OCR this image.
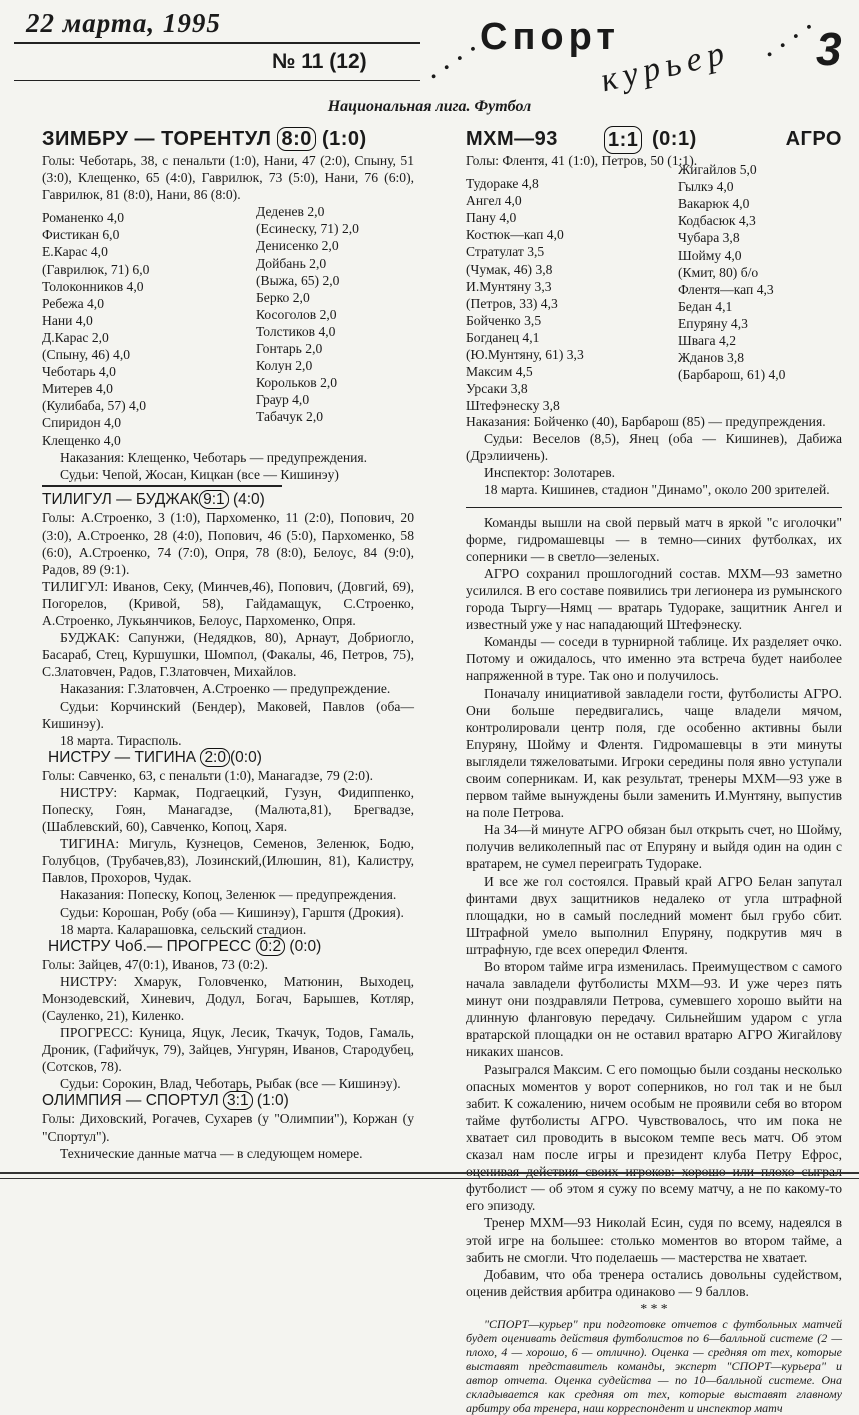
22 марта, 1995
№ 11 (12) · · · ·
Спорт
курьер · · · ·
3
Национальная лига. Футбол
ЗИМБРУ — ТОРЕНТУЛ 8:0 (1:0)

Голы: Чеботарь, 38, с пенальти (1:0), Нани, 47 (2:0), Спыну, 51 (3:0), Клещенко, 65 (4:0), Гаврилюк, 73 (5:0), Нани, 76 (6:0), Гаврилюк, 81 (8:0), Нани, 86 (8:0).

Романенко 4,0
Фистикан 6,0
Е.Карас 4,0
(Гаврилюк, 71) 6,0
Толоконников 4,0
Ребежа 4,0
Нани 4,0
Д.Карас 2,0
(Спыну, 46) 4,0
Чеботарь 4,0
Митерев 4,0
(Кулибаба, 57) 4,0
Спиридон 4,0
Клещенко 4,0
Деденев 2,0
(Есинеску, 71) 2,0
Денисенко 2,0
Дойбань 2,0
(Выжа, 65) 2,0
Берко 2,0
Косоголов 2,0
Толстиков 4,0
Гонтарь 2,0
Колун 2,0
Корольков 2,0
Граур 4,0
Табачук 2,0

Наказания: Клещенко, Чеботарь — предупреждения.

Судьи: Чепой, Жосан, Кицкан (все — Кишинэу)

ТИЛИГУЛ — БУДЖАК 9:1 (4:0)

Голы: А.Строенко, 3 (1:0), Пархоменко, 11 (2:0), Попович, 20 (3:0), А.Строенко, 28 (4:0), Попович, 46 (5:0), Пархоменко, 58 (6:0), А.Строенко, 74 (7:0), Опря, 78 (8:0), Белоус, 84 (9:0), Радов, 89 (9:1).

ТИЛИГУЛ: Иванов, Секу, (Минчев,46), Попович, (Довгий, 69), Погорелов, (Кривой, 58), Гайдамащук, С.Строенко, А.Строенко, Лукьянчиков, Белоус, Пархоменко, Опря.

БУДЖАК: Сапунжи, (Недядков, 80), Арнаут, Добриогло, Басараб, Стец, Куршушки, Шомпол, (Факалы, 46, Петров, 75), С.Златовчен, Радов, Г.Златовчен, Михайлов.

Наказания: Г.Златовчен, А.Строенко — предупреждение.

Судьи: Корчинский (Бендер), Маковей, Павлов (оба—Кишинэу).

18 марта. Тирасполь.

НИСТРУ — ТИГИНА 2:0 (0:0)

Голы: Савченко, 63, с пенальти (1:0), Манагадзе, 79 (2:0).

НИСТРУ: Кармак, Подгаецкий, Гузун, Фидиппенко, Попеску, Гоян, Манагадзе, (Малюта,81), Брегвадзе, (Шаблевский, 60), Савченко, Копоц, Харя.

ТИГИНА: Мигуль, Кузнецов, Семенов, Зеленюк, Бодю, Голубцов, (Трубачев,83), Лозинский,(Илюшин, 81), Калистру, Павлов, Прохоров, Чудак.

Наказания: Попеску, Копоц, Зеленюк — предупреждения.

Судьи: Корошан, Робу (оба — Кишинэу), Гарштя (Дрокия).

18 марта. Каларашовка, сельский стадион.

НИСТРУ Чоб.— ПРОГРЕСС 0:2 (0:0)

Голы: Зайцев, 47(0:1), Иванов, 73 (0:2).

НИСТРУ: Хмарук, Головченко, Матюнин, Выходец, Монзодевский, Хиневич, Додул, Богач, Барышев, Котляр, (Сауленко, 21), Киленко.

ПРОГРЕСС: Куница, Яцук, Лесик, Ткачук, Тодов, Гамаль, Дроник, (Гафийчук, 79), Зайцев, Унгурян, Иванов, Стародубец,(Сотсков, 78).

Судьи: Сорокин, Влад, Чеботарь, Рыбак (все — Кишинэу).

ОЛИМПИЯ — СПОРТУЛ 3:1 (1:0)

Голы: Диховский, Рогачев, Сухарев (у "Олимпии"), Коржан (у "Спортул").

Технические данные матча — в следующем номере.

МХМ—93	1:1 (0:1)	АГРО

Голы: Флентя, 41 (1:0), Петров, 50 (1:1).

Тудораке 4,8
Ангел 4,0
Пану 4,0
Костюк—кап 4,0
Стратулат 3,5
(Чумак, 46) 3,8
И.Мунтяну 3,3
(Петров, 33) 4,3
Бойченко 3,5
Богданец 4,1
(Ю.Мунтяну, 61) 3,3
Максим 4,5
Урсаки 3,8
Штефэнеску 3,8
Жигайлов 5,0
Гылкэ 4,0
Вакарюк 4,0
Кодбасюк 4,3
Чубара 3,8
Шойму 4,0
(Кмит, 80) б/о
Флентя—кап 4,3
Бедан 4,1
Епуряну 4,3
Швага 4,2
Жданов 3,8
(Барбарош, 61) 4,0

Наказания: Бойченко (40), Барбарош (85) — предупреждения.

Судьи: Веселов (8,5), Янец (оба — Кишинев), Дабижа (Дрэлиичень).

Инспектор: Золотарев.

18 марта. Кишинев, стадион "Динамо", около 200 зрителей.

Команды вышли на свой первый матч в яркой "с иголочки" форме, гидромашевцы — в темно—синих футболках, их соперники — в светло—зеленых.

АГРО сохранил прошлогодний состав. МХМ—93 заметно усилился. В его составе появились три легионера из румынского города Тыргу—Нямц — вратарь Тудораке, защитник Ангел и известный уже у нас нападающий Штефэнеску.

Команды — соседи в турнирной таблице. Их разделяет очко. Потому и ожидалось, что именно эта встреча будет наиболее напряженной в туре. Так оно и получилось.

Поначалу инициативой завладели гости, футболисты АГРО. Они больше передвигались, чаще владели мячом, контролировали центр поля, где особенно активны были Епуряну, Шойму и Флентя. Гидромашевцы в эти минуты выглядели тяжеловатыми. Игроки середины поля явно уступали своим соперникам. И, как результат, тренеры МХМ—93 уже в первом тайме вынуждены были заменить И.Мунтяну, выпустив на поле Петрова.

На 34—й минуте АГРО обязан был открыть счет, но Шойму, получив великолепный пас от Епуряну и выйдя один на один с вратарем, не сумел переиграть Тудораке.

И все же гол состоялся. Правый край АГРО Белан запутал финтами двух защитников недалеко от угла штрафной площадки, но в самый последний момент был грубо сбит. Штрафной умело выполнил Епуряну, подкрутив мяч в штрафную, где всех опередил Флентя.

Во втором тайме игра изменилась. Преимуществом с самого начала завладели футболисты МХМ—93. И уже через пять минут они поздравляли Петрова, сумевшего хорошо выйти на длинную фланговую передачу. Сильнейшим ударом с угла вратарской площадки он не оставил вратарю АГРО Жигайлову никаких шансов.

Разыгрался Максим. С его помощью были созданы несколько опасных моментов у ворот соперников, но гол так и не был забит. К сожалению, ничем особым не проявили себя во втором тайме футболисты АГРО. Чувствовалось, что им пока не хватает сил проводить в высоком темпе весь матч. Об этом сказал нам после игры и президент клуба Петру Ефрос, футболист — об этом я сужу по всему матчу, а не по какому-то его эпизоду.

Тренер МХМ—93 Николай Есин, судя по всему, надеялся в этой игре на большее: столько моментов во втором тайме, а забить не смогли. Что поделаешь — мастерства не хватает.

Добавим, что оба тренера остались довольны судейством, оценив действия арбитра одинаково — 9 баллов.

* * *

"СПОРТ—курьер" при подготовке отчетов с футбольных матчей будет оценивать действия футболистов по 6—балльной системе (2 — плохо, 4 — хорошо, 6 — отлично). Оценка — средняя от тех, которые выставят представитель команды, эксперт "СПОРТ—курьера" и автор отчета. Оценка судейства — по 10—балльной системе. Она складывается как средняя от тех, которые выставят главному арбитру оба тренера, наш корреспондент и инспектор матч
